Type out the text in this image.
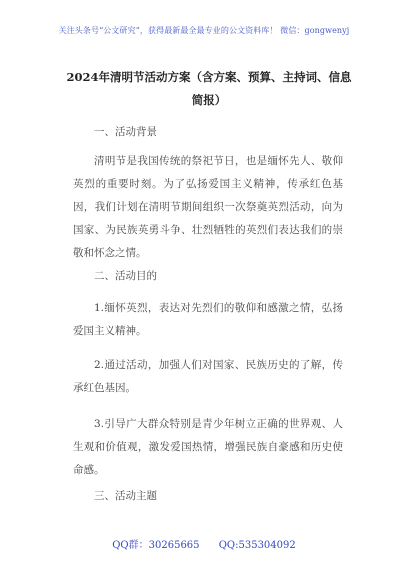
关注头条号“公文研究”，获得最新最全最专业的公文资料库！ 微信：gongwenyj
2024年清明节活动方案（含方案、预算、主持词、信息简报）
一、活动背景

清明节是我国传统的祭祀节日，也是缅怀先人、敬仰英烈的重要时刻。为了弘扬爱国主义精神，传承红色基因，我们计划在清明节期间组织一次祭奠英烈活动，向为国家、为民族英勇斗争、壮烈牺牲的英烈们表达我们的崇敬和怀念之情。

二、活动目的

1.缅怀英烈，表达对先烈们的敬仰和感激之情，弘扬爱国主义精神。

2.通过活动，加强人们对国家、民族历史的了解，传承红色基因。

3.引导广大群众特别是青少年树立正确的世界观、人生观和价值观，激发爱国热情，增强民族自豪感和历史使命感。

三、活动主题
QQ群：30265665 QQ:535304092
